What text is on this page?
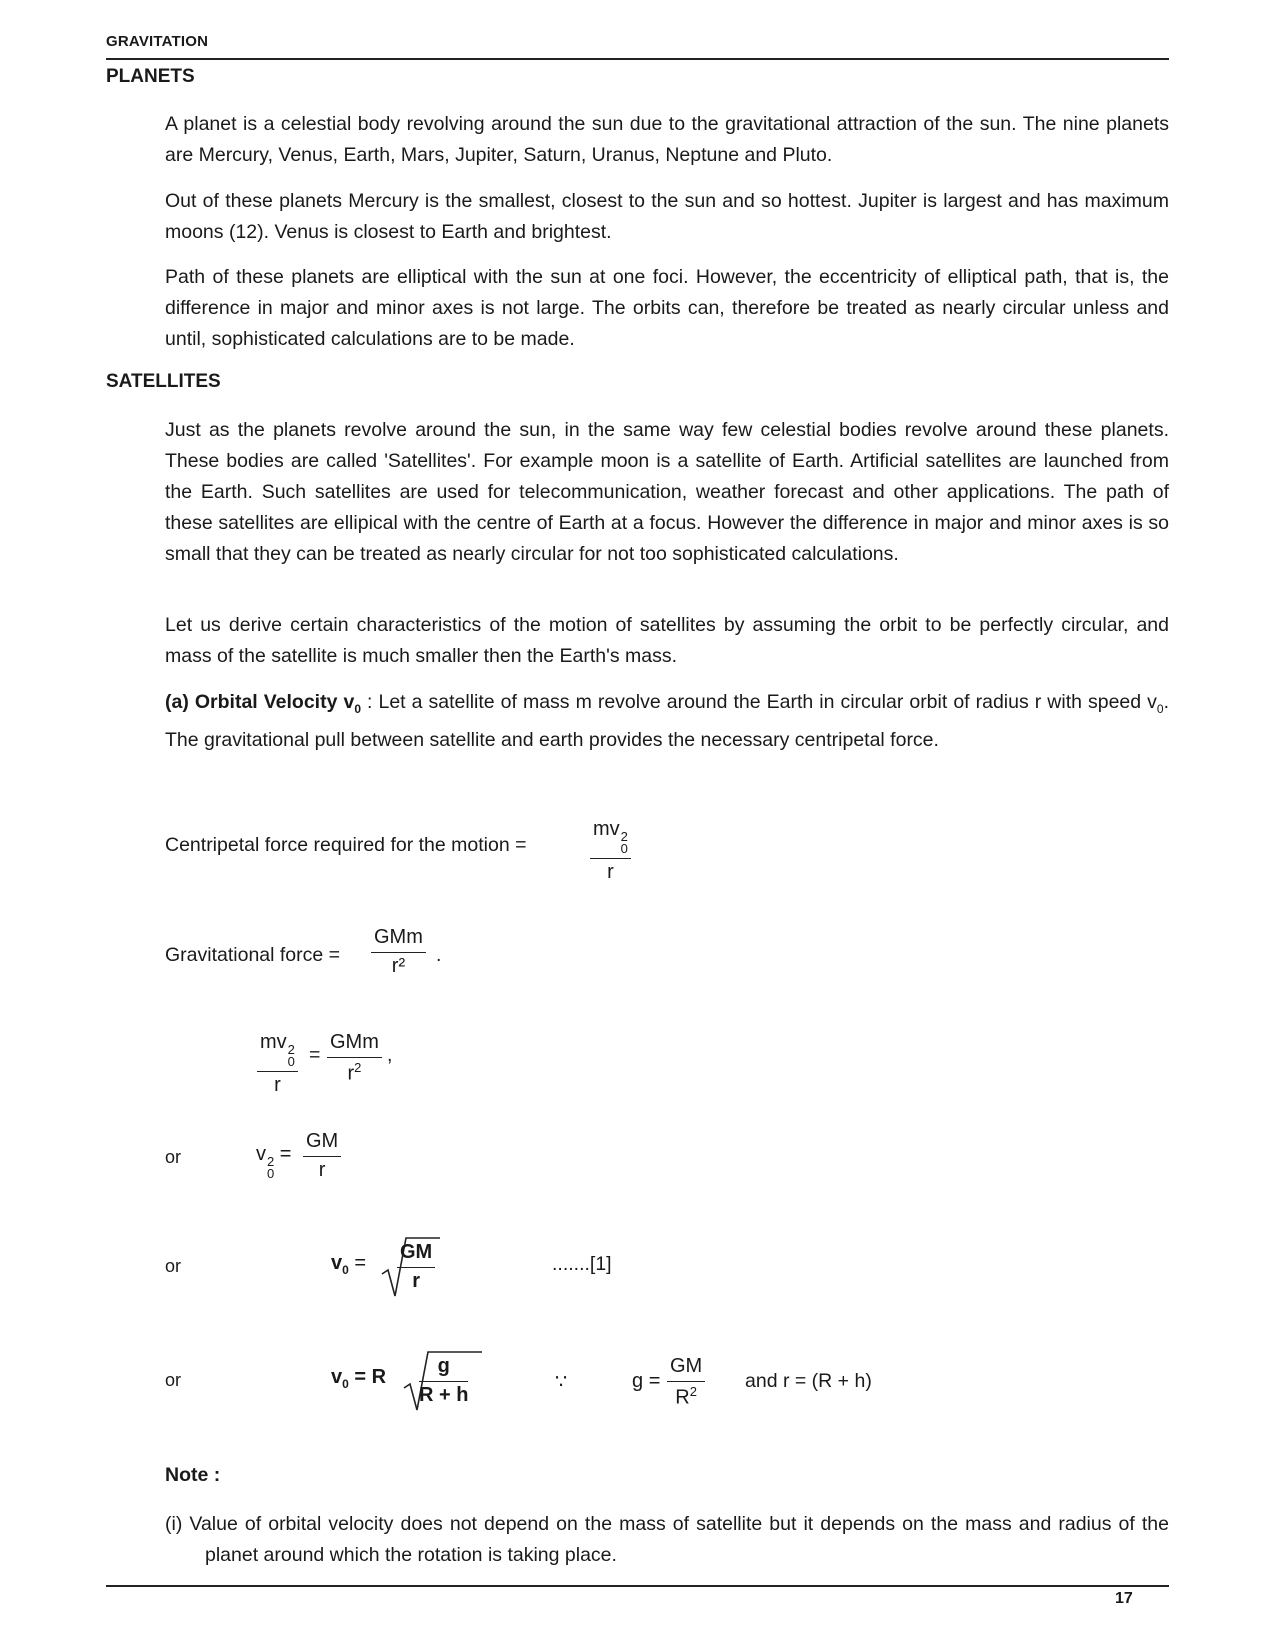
GRAVITATION
PLANETS

A planet is a celestial body revolving around the sun due to the gravitational attraction of the sun. The nine planets are Mercury, Venus, Earth, Mars, Jupiter, Saturn, Uranus, Neptune and Pluto.

Out of these planets Mercury is the smallest, closest to the sun and so hottest. Jupiter is largest and has maximum moons (12). Venus is closest to Earth and brightest.

Path of these planets are elliptical with the sun at one foci. However, the eccentricity of elliptical path, that is, the difference in major and minor axes is not large. The orbits can, therefore be treated as nearly circular unless and until, sophisticated calculations are to be made.

SATELLITES

Just as the planets revolve around the sun, in the same way few celestial bodies revolve around these planets. These bodies are called 'Satellites'. For example moon is a satellite of Earth. Artificial satellites are launched from the Earth. Such satellites are used for telecommunication, weather forecast and other applications. The path of these satellites are ellipical with the centre of Earth at a focus. However the difference in major and minor axes is so small that they can be treated as nearly circular for not too sophisticated calculations.

Let us derive certain characteristics of the motion of satellites by assuming the orbit to be perfectly circular, and mass of the satellite is much smaller then the Earth's mass.

(a) Orbital Velocity $v_0$ : Let a satellite of mass m revolve around the Earth in circular orbit of radius r with speed $v_0$. The gravitational pull between satellite and earth provides the necessary centripetal force.

Centripetal force required for the motion =
mv 2
0
r
Gravitational force =
GMm
r² .
mv 2
0
r
=
GMm
$r^2$
,
or	v 2
0
=
GM
r
or	$v_0$ = GM
r
.......[1]
or	$v_0 = R$	g
R + h
∵	g =
GM
$R^2$ and r = (R + h)
Note :
(i) Value of orbital velocity does not depend on the mass of satellite but it depends on the mass and radius of the planet around which the rotation is taking place.
17
